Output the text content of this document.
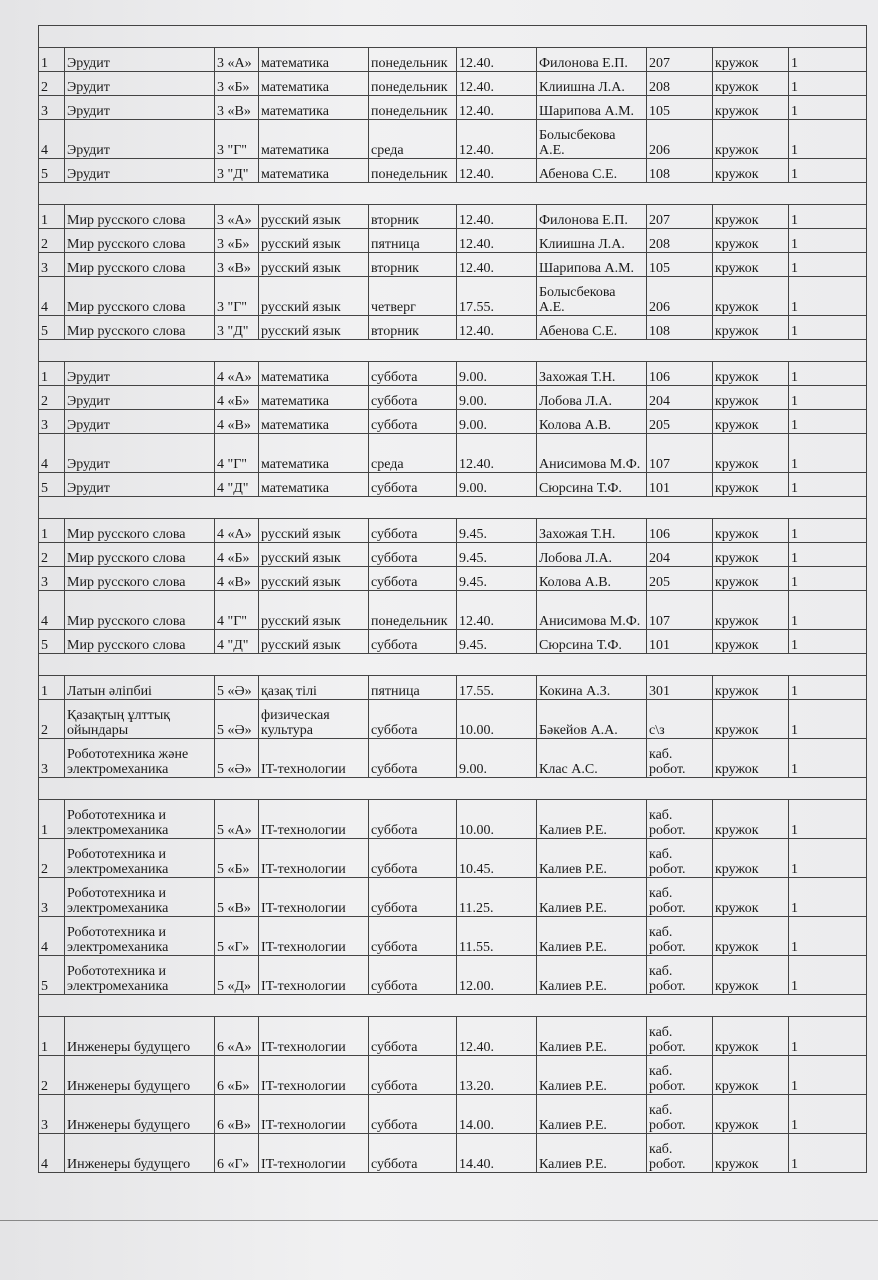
1	Эрудит	3 «А»	математика	понедельник	12.40.	Филонова Е.П.	207	кружок	1
2	Эрудит	3 «Б»	математика	понедельник	12.40.	Клиишна Л.А.	208	кружок	1
3	Эрудит	3 «В»	математика	понедельник	12.40.	Шарипова А.М.	105	кружок	1
4	Эрудит	3 "Г"	математика	среда	12.40.	Болысбекова А.Е.	206	кружок	1
5	Эрудит	3 "Д"	математика	понедельник	12.40.	Абенова С.Е.	108	кружок	1

1	Мир русского слова	3 «А»	русский язык	вторник	12.40.	Филонова Е.П.	207	кружок	1
2	Мир русского слова	3 «Б»	русский язык	пятница	12.40.	Клиишна Л.А.	208	кружок	1
3	Мир русского слова	3 «В»	русский язык	вторник	12.40.	Шарипова А.М.	105	кружок	1
4	Мир русского слова	3 "Г"	русский язык	четверг	17.55.	Болысбекова А.Е.	206	кружок	1
5	Мир русского слова	3 "Д"	русский язык	вторник	12.40.	Абенова С.Е.	108	кружок	1

1	Эрудит	4 «А»	математика	суббота	9.00.	Захожая Т.Н.	106	кружок	1
2	Эрудит	4 «Б»	математика	суббота	9.00.	Лобова Л.А.	204	кружок	1
3	Эрудит	4 «В»	математика	суббота	9.00.	Колова А.В.	205	кружок	1
4	Эрудит	4 "Г"	математика	среда	12.40.	Анисимова М.Ф.	107	кружок	1
5	Эрудит	4 "Д"	математика	суббота	9.00.	Сюрсина Т.Ф.	101	кружок	1

1	Мир русского слова	4 «А»	русский язык	суббота	9.45.	Захожая Т.Н.	106	кружок	1
2	Мир русского слова	4 «Б»	русский язык	суббота	9.45.	Лобова Л.А.	204	кружок	1
3	Мир русского слова	4 «В»	русский язык	суббота	9.45.	Колова А.В.	205	кружок	1
4	Мир русского слова	4 "Г"	русский язык	понедельник	12.40.	Анисимова М.Ф.	107	кружок	1
5	Мир русского слова	4 "Д"	русский язык	суббота	9.45.	Сюрсина Т.Ф.	101	кружок	1

1	Латын әліпбиі	5 «Ә»	қазақ тілі	пятница	17.55.	Кокина А.З.	301	кружок	1
2	Қазақтың ұлттық ойындары	5 «Ә»	физическая культура	суббота	10.00.	Бәкейов А.А.	с\з	кружок	1
3	Робототехника және электромеханика	5 «Ә»	IT-технологии	суббота	9.00.	Клас А.С.	каб. робот.	кружок	1

1	Робототехника и электромеханика	5 «А»	IT-технологии	суббота	10.00.	Калиев Р.Е.	каб. робот.	кружок	1
2	Робототехника и электромеханика	5 «Б»	IT-технологии	суббота	10.45.	Калиев Р.Е.	каб. робот.	кружок	1
3	Робототехника и электромеханика	5 «В»	IT-технологии	суббота	11.25.	Калиев Р.Е.	каб. робот.	кружок	1
4	Робототехника и электромеханика	5 «Г»	IT-технологии	суббота	11.55.	Калиев Р.Е.	каб. робот.	кружок	1
5	Робототехника и электромеханика	5 «Д»	IT-технологии	суббота	12.00.	Калиев Р.Е.	каб. робот.	кружок	1

1	Инженеры будущего	6 «А»	IT-технологии	суббота	12.40.	Калиев Р.Е.	каб. робот.	кружок	1
2	Инженеры будущего	6 «Б»	IT-технологии	суббота	13.20.	Калиев Р.Е.	каб. робот.	кружок	1
3	Инженеры будущего	6 «В»	IT-технологии	суббота	14.00.	Калиев Р.Е.	каб. робот.	кружок	1
4	Инженеры будущего	6 «Г»	IT-технологии	суббота	14.40.	Калиев Р.Е.	каб. робот.	кружок	1
